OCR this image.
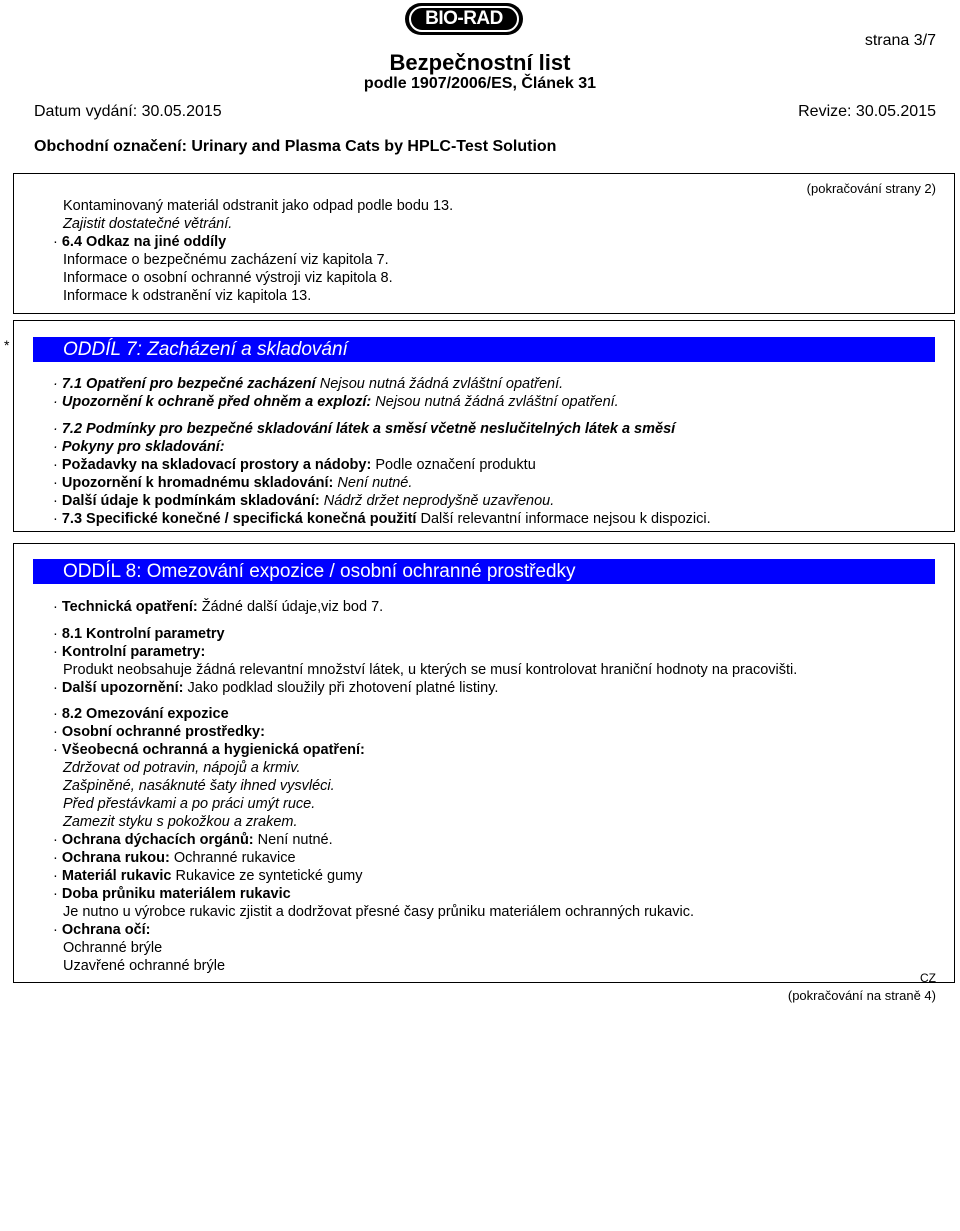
BIO-RAD
strana 3/7
Bezpečnostní list
podle 1907/2006/ES, Článek 31
Datum vydání: 30.05.2015	Revize: 30.05.2015
Obchodní označení: Urinary and Plasma Cats by HPLC-Test Solution
(pokračování strany 2)
Kontaminovaný materiál odstranit jako odpad podle bodu 13.
Zajistit dostatečné větrání.
· 6.4 Odkaz na jiné oddíly
Informace o bezpečnému zacházení viz kapitola 7.
Informace o osobní ochranné výstroji viz kapitola 8.
Informace k odstranění viz kapitola 13.
*	ODDÍL 7: Zacházení a skladování
· 7.1 Opatření pro bezpečné zacházení Nejsou nutná žádná zvláštní opatření.
· Upozornění k ochraně před ohněm a explozí: Nejsou nutná žádná zvláštní opatření.
· 7.2 Podmínky pro bezpečné skladování látek a směsí včetně neslučitelných látek a směsí
· Pokyny pro skladování:
· Požadavky na skladovací prostory a nádoby: Podle označení produktu
· Upozornění k hromadnému skladování: Není nutné.
· Další údaje k podmínkám skladování: Nádrž držet neprodyšně uzavřenou.
· 7.3 Specifické konečné / specifická konečná použití Další relevantní informace nejsou k dispozici.
ODDÍL 8: Omezování expozice / osobní ochranné prostředky
· Technická opatření: Žádné další údaje,viz bod 7.
· 8.1 Kontrolní parametry
· Kontrolní parametry:
Produkt neobsahuje žádná relevantní množství látek, u kterých se musí kontrolovat hraniční hodnoty na pracovišti.
· Další upozornění: Jako podklad sloužily při zhotovení platné listiny.
· 8.2 Omezování expozice
· Osobní ochranné prostředky:
· Všeobecná ochranná a hygienická opatření:
Zdržovat od potravin, nápojů a krmiv.
Zašpiněné, nasáknuté šaty ihned vysvléci.
Před přestávkami a po práci umýt ruce.
Zamezit styku s pokožkou a zrakem.
· Ochrana dýchacích orgánů: Není nutné.
· Ochrana rukou: Ochranné rukavice
· Materiál rukavic Rukavice ze syntetické gumy
· Doba průniku materiálem rukavic
Je nutno u výrobce rukavic zjistit a dodržovat přesné časy průniku materiálem ochranných rukavic.
· Ochrana očí:
Ochranné brýle
Uzavřené ochranné brýle
CZ
(pokračování na straně 4)
